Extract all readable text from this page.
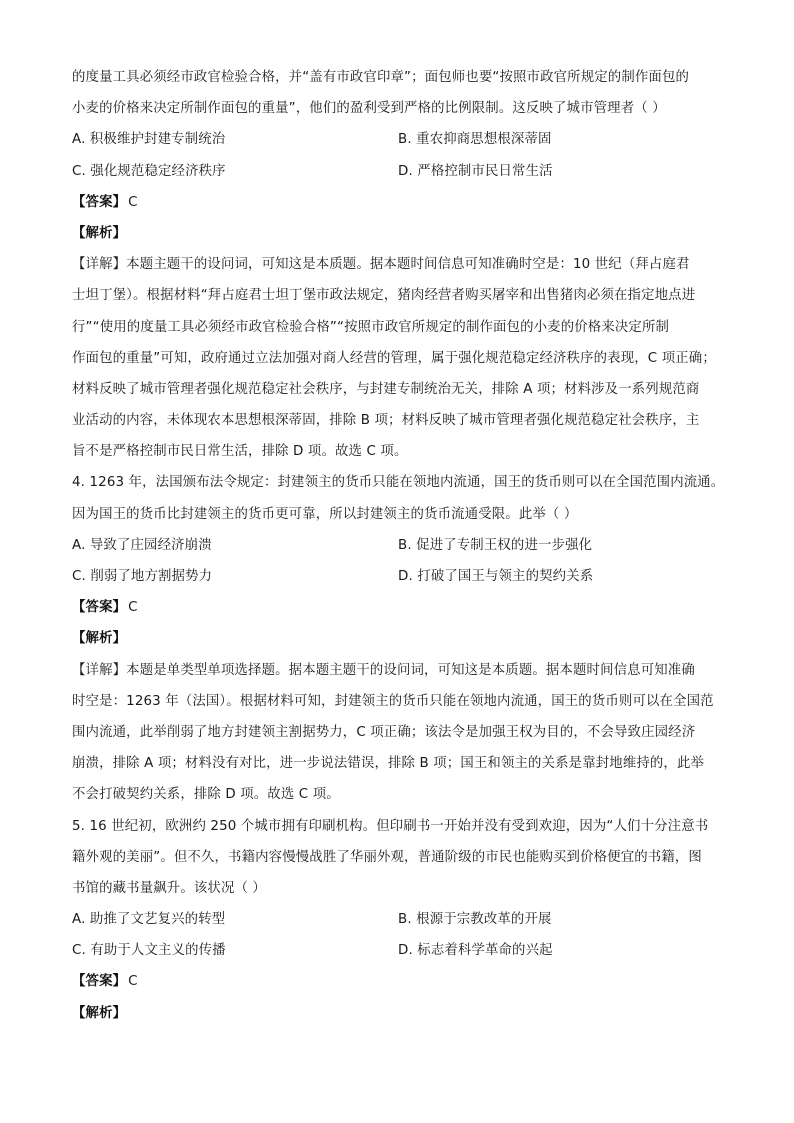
的度量工具必须经市政官检验合格，并“盖有市政官印章”；面包师也要“按照市政官所规定的制作面包的
小麦的价格来决定所制作面包的重量”，他们的盈利受到严格的比例限制。这反映了城市管理者（ ）
A. 积极维护封建专制统治	B. 重农抑商思想根深蒂固
C. 强化规范稳定经济秩序	D. 严格控制市民日常生活
【答案】 C
【解析】
【详解】本题主题干的设问词，可知这是本质题。据本题时间信息可知准确时空是：10 世纪（拜占庭君
士坦丁堡）。根据材料“拜占庭君士坦丁堡市政法规定，猪肉经营者购买屠宰和出售猪肉必须在指定地点进
行”“使用的度量工具必须经市政官检验合格”“按照市政官所规定的制作面包的小麦的价格来决定所制
作面包的重量”可知，政府通过立法加强对商人经营的管理，属于强化规范稳定经济秩序的表现，C 项正确；
材料反映了城市管理者强化规范稳定社会秩序，与封建专制统治无关，排除 A 项；材料涉及一系列规范商
业活动的内容，未体现农本思想根深蒂固，排除 B 项；材料反映了城市管理者强化规范稳定社会秩序，主
旨不是严格控制市民日常生活，排除 D 项。故选 C 项。
4. 1263 年，法国颁布法令规定：封建领主的货币只能在领地内流通，国王的货币则可以在全国范围内流通。
因为国王的货币比封建领主的货币更可靠，所以封建领主的货币流通受限。此举（ ）
A. 导致了庄园经济崩溃	B. 促进了专制王权的进一步强化
C. 削弱了地方割据势力	D. 打破了国王与领主的契约关系
【答案】 C
【解析】
【详解】本题是单类型单项选择题。据本题主题干的设问词，可知这是本质题。据本题时间信息可知准确
时空是：1263 年（法国）。根据材料可知，封建领主的货币只能在领地内流通，国王的货币则可以在全国范
围内流通，此举削弱了地方封建领主割据势力，C 项正确；该法令是加强王权为目的，不会导致庄园经济
崩溃，排除 A 项；材料没有对比，进一步说法错误，排除 B 项；国王和领主的关系是靠封地维持的，此举
不会打破契约关系，排除 D 项。故选 C 项。
5. 16 世纪初，欧洲约 250 个城市拥有印刷机构。但印刷书一开始并没有受到欢迎，因为“人们十分注意书
籍外观的美丽”。但不久，书籍内容慢慢战胜了华丽外观，普通阶级的市民也能购买到价格便宜的书籍，图
书馆的藏书量飙升。该状况（ ）
A. 助推了文艺复兴的转型	B. 根源于宗教改革的开展
C. 有助于人文主义的传播	D. 标志着科学革命的兴起
【答案】 C
【解析】
